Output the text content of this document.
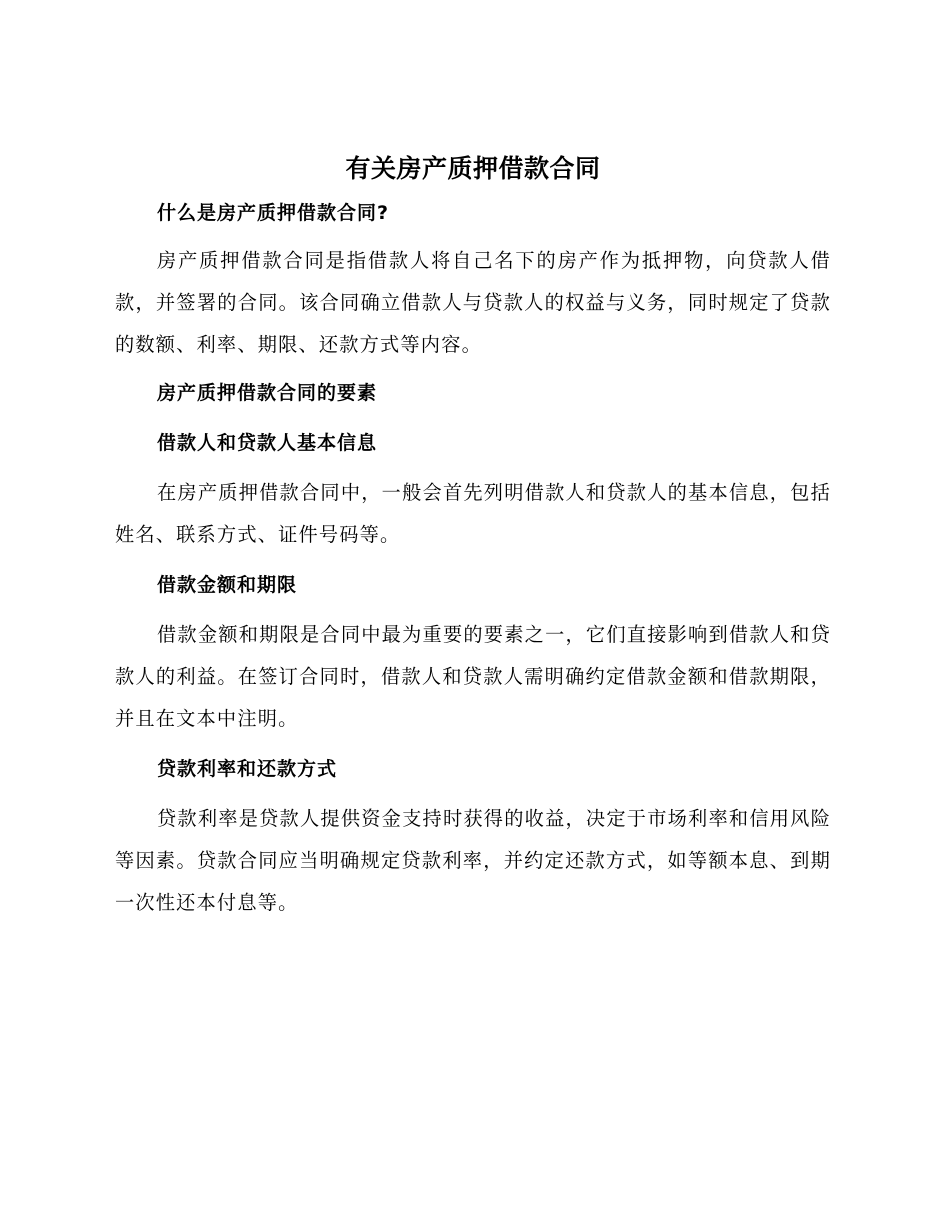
有关房产质押借款合同
什么是房产质押借款合同?

房产质押借款合同是指借款人将自己名下的房产作为抵押物，向贷款人借款，并签署的合同。该合同确立借款人与贷款人的权益与义务，同时规定了贷款的数额、利率、期限、还款方式等内容。

房产质押借款合同的要素
借款人和贷款人基本信息

在房产质押借款合同中，一般会首先列明借款人和贷款人的基本信息，包括姓名、联系方式、证件号码等。

借款金额和期限

借款金额和期限是合同中最为重要的要素之一，它们直接影响到借款人和贷款人的利益。在签订合同时，借款人和贷款人需明确约定借款金额和借款期限，并且在文本中注明。

贷款利率和还款方式

贷款利率是贷款人提供资金支持时获得的收益，决定于市场利率和信用风险等因素。贷款合同应当明确规定贷款利率，并约定还款方式，如等额本息、到期一次性还本付息等。
